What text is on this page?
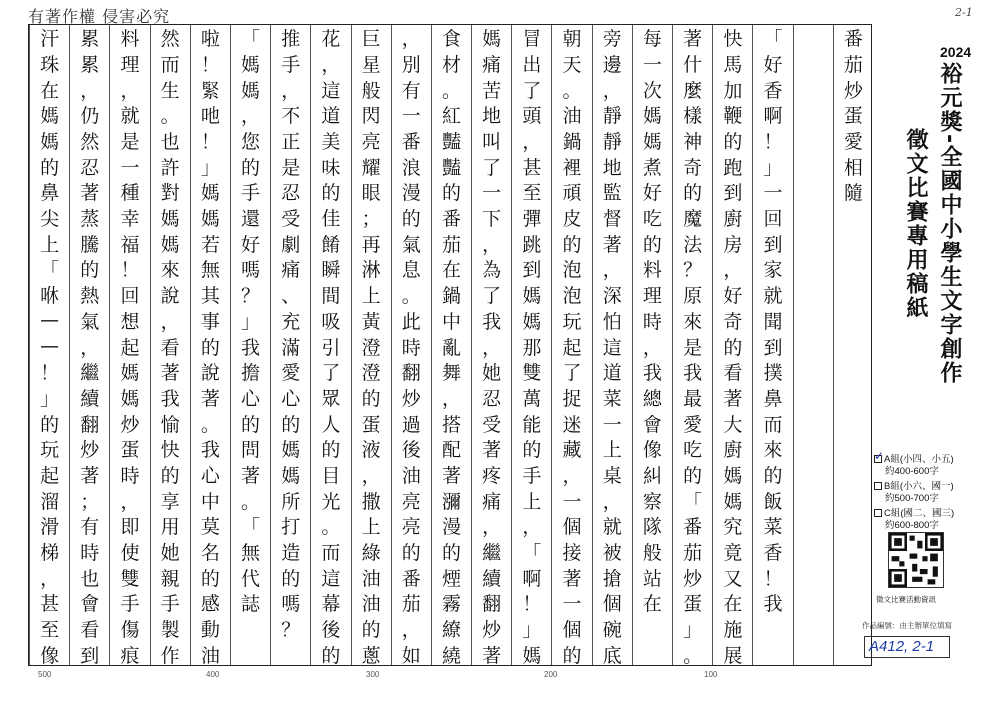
有著作權 侵害必究	2-1
番
茄
炒
蛋
愛
相
隨
「
好
香
啊
！
」
一
回
到
家
就
聞
到
撲
鼻
而
來
的
飯
菜
香
！
我
快
馬
加
鞭
的
跑
到
廚
房
，
好
奇
的
看
著
大
廚
媽
媽
究
竟
又
在
施
展
著
什
麼
樣
神
奇
的
魔
法
？
原
來
是
我
最
愛
吃
的
「
番
茄
炒
蛋
」
。
每
一
次
媽
媽
煮
好
吃
的
料
理
時
，
我
總
會
像
糾
察
隊
般
站
在
旁
邊
，
靜
靜
地
監
督
著
，
深
怕
這
道
菜
一
上
桌
，
就
被
搶
個
碗
底
朝
天
。
油
鍋
裡
頑
皮
的
泡
泡
玩
起
了
捉
迷
藏
，
一
個
接
著
一
個
的
冒
出
了
頭
，
甚
至
彈
跳
到
媽
媽
那
雙
萬
能
的
手
上
，
「
啊
！
」
媽
媽
痛
苦
地
叫
了
一
下
，
為
了
我
，
她
忍
受
著
疼
痛
，
繼
續
翻
炒
著
食
材
。
紅
豔
豔
的
番
茄
在
鍋
中
亂
舞
，
搭
配
著
瀰
漫
的
煙
霧
繚
繞
，
別
有
一
番
浪
漫
的
氣
息
。
此
時
翻
炒
過
後
油
亮
亮
的
番
茄
，
如
巨
星
般
閃
亮
耀
眼
；
再
淋
上
黃
澄
澄
的
蛋
液
，
撒
上
綠
油
油
的
蔥
花
，
這
道
美
味
的
佳
餚
瞬
間
吸
引
了
眾
人
的
目
光
。
而
這
幕
後
的
推
手
，
不
正
是
忍
受
劇
痛
、
充
滿
愛
心
的
媽
媽
所
打
造
的
嗎
？
「
媽
媽
，
您
的
手
還
好
嗎
？
」
我
擔
心
的
問
著
。
「
無
代
誌
啦
！
緊
吔
！
」
媽
媽
若
無
其
事
的
說
著
。
我
心
中
莫
名
的
感
動
油
然
而
生
。
也
許
對
媽
媽
來
說
，
看
著
我
愉
快
的
享
用
她
親
手
製
作
料
理
，
就
是
一
種
幸
福
！
回
想
起
媽
媽
炒
蛋
時
，
即
使
雙
手
傷
痕
累
累
，
仍
然
忍
著
蒸
騰
的
熱
氣
，
繼
續
翻
炒
著
；
有
時
也
會
看
到
汗
珠
在
媽
媽
的
鼻
尖
上
「
咻
—
—
！
」
的
玩
起
溜
滑
梯
，
甚
至
像
500	400	300	200	100
2024
裕元獎-全國中小學生文字創作
徵文比賽專用稿紙
✓A組(小四、小五)
約400-600字
B組(小六、國一)
約500-700字
C組(國二、國三)
約600-800字
徵文比賽活動資訊
作品編號：由主辦單位填寫
A412, 2-1
